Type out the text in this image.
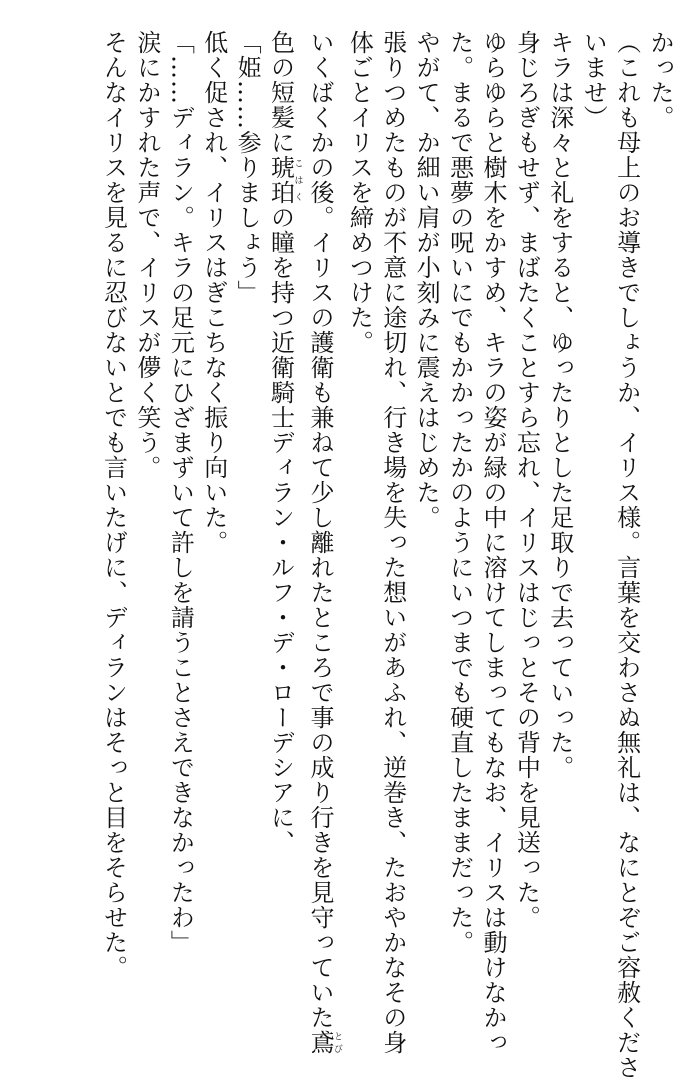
かった。
（これも母上のお導きでしょうか、イリス様。言葉を交わさぬ無礼は、なにとぞご容赦くださ
いませ）
キラは深々と礼をすると、ゆったりとした足取りで去っていった。
身じろぎもせず、まばたくことすら忘れ、イリスはじっとその背中を見送った。
ゆらゆらと樹木をかすめ、キラの姿が緑の中に溶けてしまってもなお、イリスは動けなかっ
た。まるで悪夢の呪いにでもかかったかのようにいつまでも硬直したままだった。
やがて、か細い肩が小刻みに震えはじめた。
張りつめたものが不意に途切れ、行き場を失った想いがあふれ、逆巻き、たおやかなその身
体ごとイリスを締めつけた。
いくばくかの後。イリスの護衛も兼ねて少し離れたところで事の成り行きを見守っていた鳶とび
色の短髪に琥珀こはくの瞳を持つ近衛騎士ディラン・ルフ・デ・ローデシアに、
「姫……参りましょう」
低く促され、イリスはぎこちなく振り向いた。
「……ディラン。キラの足元にひざまずいて許しを請うことさえできなかったわ」
涙にかすれた声で、イリスが儚く笑う。
そんなイリスを見るに忍びないとでも言いたげに、ディランはそっと目をそらせた。
